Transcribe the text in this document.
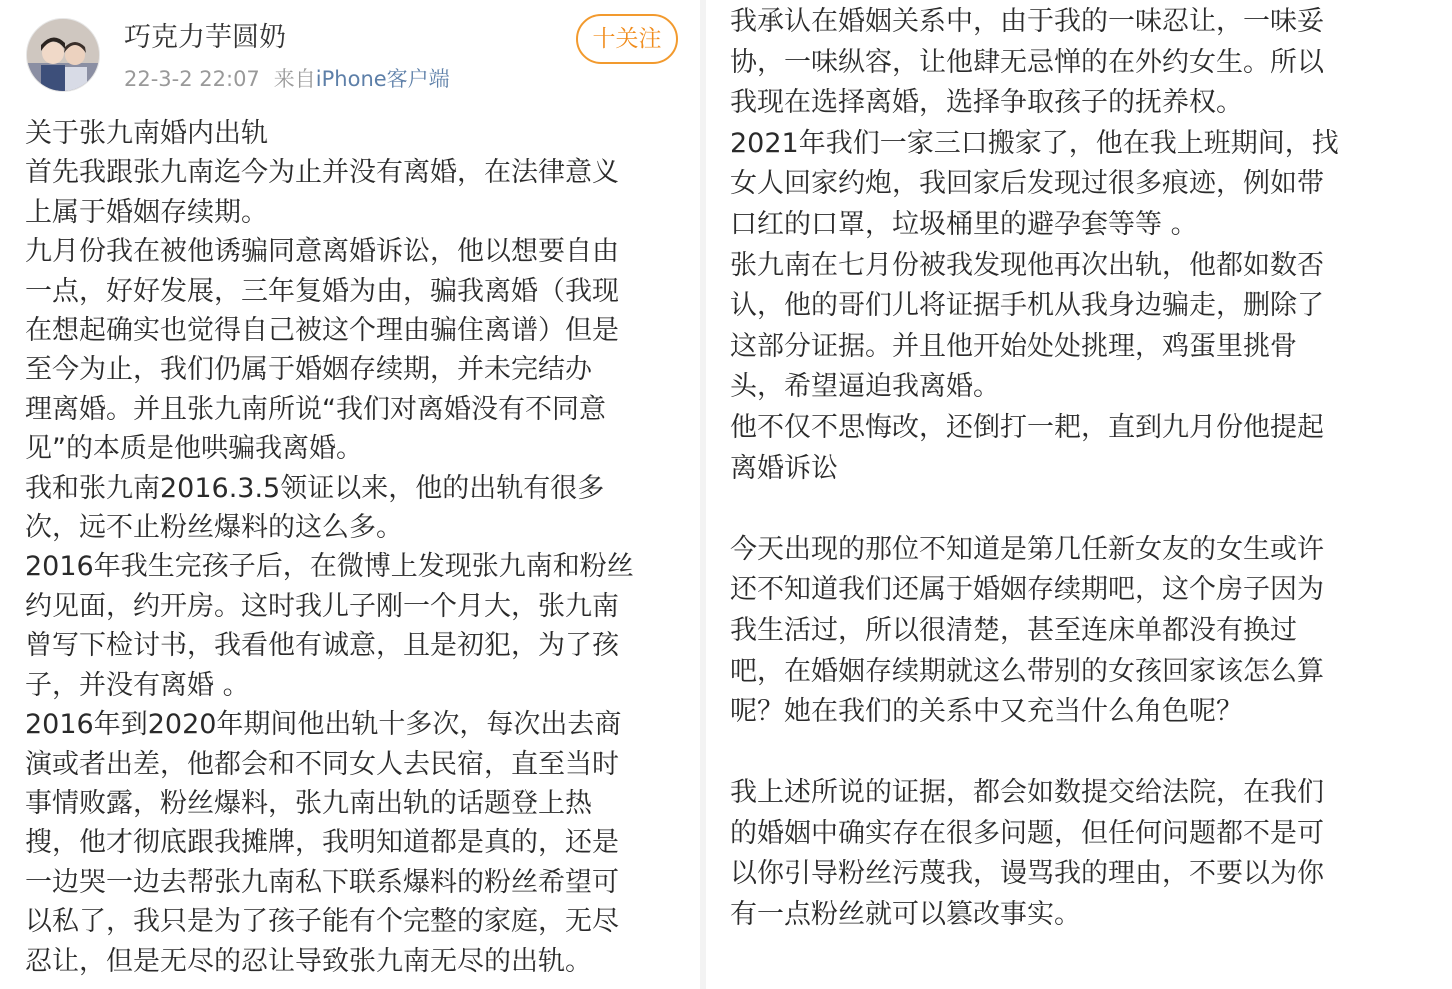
巧克力芋圆奶
22-3-2 22:07 来自iPhone客户端
十关注
关于张九南婚内出轨
首先我跟张九南迄今为止并没有离婚，在法律意义
上属于婚姻存续期。
九月份我在被他诱骗同意离婚诉讼，他以想要自由
一点，好好发展，三年复婚为由，骗我离婚（我现
在想起确实也觉得自己被这个理由骗住离谱）但是
至今为止，我们仍属于婚姻存续期，并未完结办
理离婚。并且张九南所说“我们对离婚没有不同意
见”的本质是他哄骗我离婚。
我和张九南2016.3.5领证以来，他的出轨有很多
次，远不止粉丝爆料的这么多。
2016年我生完孩子后，在微博上发现张九南和粉丝
约见面，约开房。这时我儿子刚一个月大，张九南
曾写下检讨书，我看他有诚意，且是初犯，为了孩
子，并没有离婚 。
2016年到2020年期间他出轨十多次，每次出去商
演或者出差，他都会和不同女人去民宿，直至当时
事情败露，粉丝爆料，张九南出轨的话题登上热
搜，他才彻底跟我摊牌，我明知道都是真的，还是
一边哭一边去帮张九南私下联系爆料的粉丝希望可
以私了，我只是为了孩子能有个完整的家庭，无尽
忍让，但是无尽的忍让导致张九南无尽的出轨。
我承认在婚姻关系中，由于我的一味忍让，一味妥
协，一味纵容，让他肆无忌惮的在外约女生。所以
我现在选择离婚，选择争取孩子的抚养权。
2021年我们一家三口搬家了，他在我上班期间，找
女人回家约炮，我回家后发现过很多痕迹，例如带
口红的口罩，垃圾桶里的避孕套等等 。
张九南在七月份被我发现他再次出轨，他都如数否
认，他的哥们儿将证据手机从我身边骗走，删除了
这部分证据。并且他开始处处挑理，鸡蛋里挑骨
头，希望逼迫我离婚。
他不仅不思悔改，还倒打一耙，直到九月份他提起
离婚诉讼
今天出现的那位不知道是第几任新女友的女生或许
还不知道我们还属于婚姻存续期吧，这个房子因为
我生活过，所以很清楚，甚至连床单都没有换过
吧，在婚姻存续期就这么带别的女孩回家该怎么算
呢？她在我们的关系中又充当什么角色呢？
我上述所说的证据，都会如数提交给法院，在我们
的婚姻中确实存在很多问题，但任何问题都不是可
以你引导粉丝污蔑我，谩骂我的理由，不要以为你
有一点粉丝就可以篡改事实。
